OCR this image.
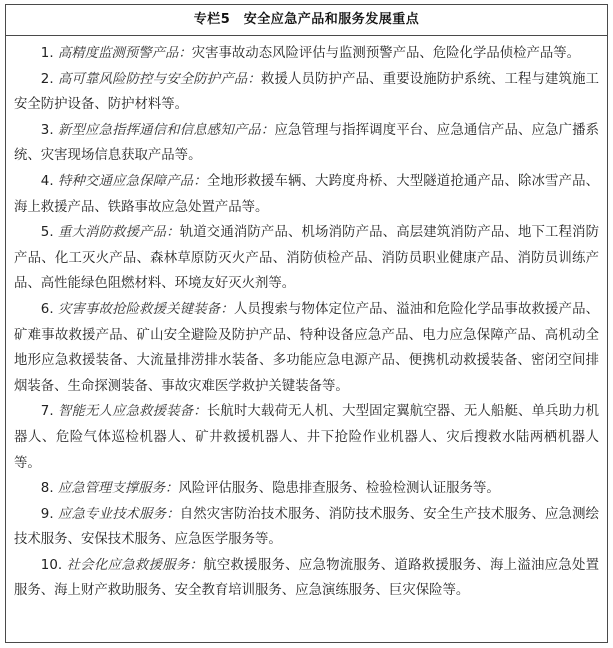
专栏5　安全应急产品和服务发展重点

1. 高精度监测预警产品：灾害事故动态风险评估与监测预警产品、危险化学品侦检产品等。

2. 高可靠风险防控与安全防护产品：救援人员防护产品、重要设施防护系统、工程与建筑施工安全防护设备、防护材料等。

3. 新型应急指挥通信和信息感知产品：应急管理与指挥调度平台、应急通信产品、应急广播系统、灾害现场信息获取产品等。

4. 特种交通应急保障产品：全地形救援车辆、大跨度舟桥、大型隧道抢通产品、除冰雪产品、海上救援产品、铁路事故应急处置产品等。

5. 重大消防救援产品：轨道交通消防产品、机场消防产品、高层建筑消防产品、地下工程消防产品、化工灭火产品、森林草原防灭火产品、消防侦检产品、消防员职业健康产品、消防员训练产品、高性能绿色阻燃材料、环境友好灭火剂等。

6. 灾害事故抢险救援关键装备：人员搜索与物体定位产品、溢油和危险化学品事故救援产品、矿难事故救援产品、矿山安全避险及防护产品、特种设备应急产品、电力应急保障产品、高机动全地形应急救援装备、大流量排涝排水装备、多功能应急电源产品、便携机动救援装备、密闭空间排烟装备、生命探测装备、事故灾难医学救护关键装备等。

7. 智能无人应急救援装备：长航时大载荷无人机、大型固定翼航空器、无人船艇、单兵助力机器人、危险气体巡检机器人、矿井救援机器人、井下抢险作业机器人、灾后搜救水陆两栖机器人等。

8. 应急管理支撑服务：风险评估服务、隐患排查服务、检验检测认证服务等。

9. 应急专业技术服务：自然灾害防治技术服务、消防技术服务、安全生产技术服务、应急测绘技术服务、安保技术服务、应急医学服务等。

10. 社会化应急救援服务：航空救援服务、应急物流服务、道路救援服务、海上溢油应急处置服务、海上财产救助服务、安全教育培训服务、应急演练服务、巨灾保险等。
